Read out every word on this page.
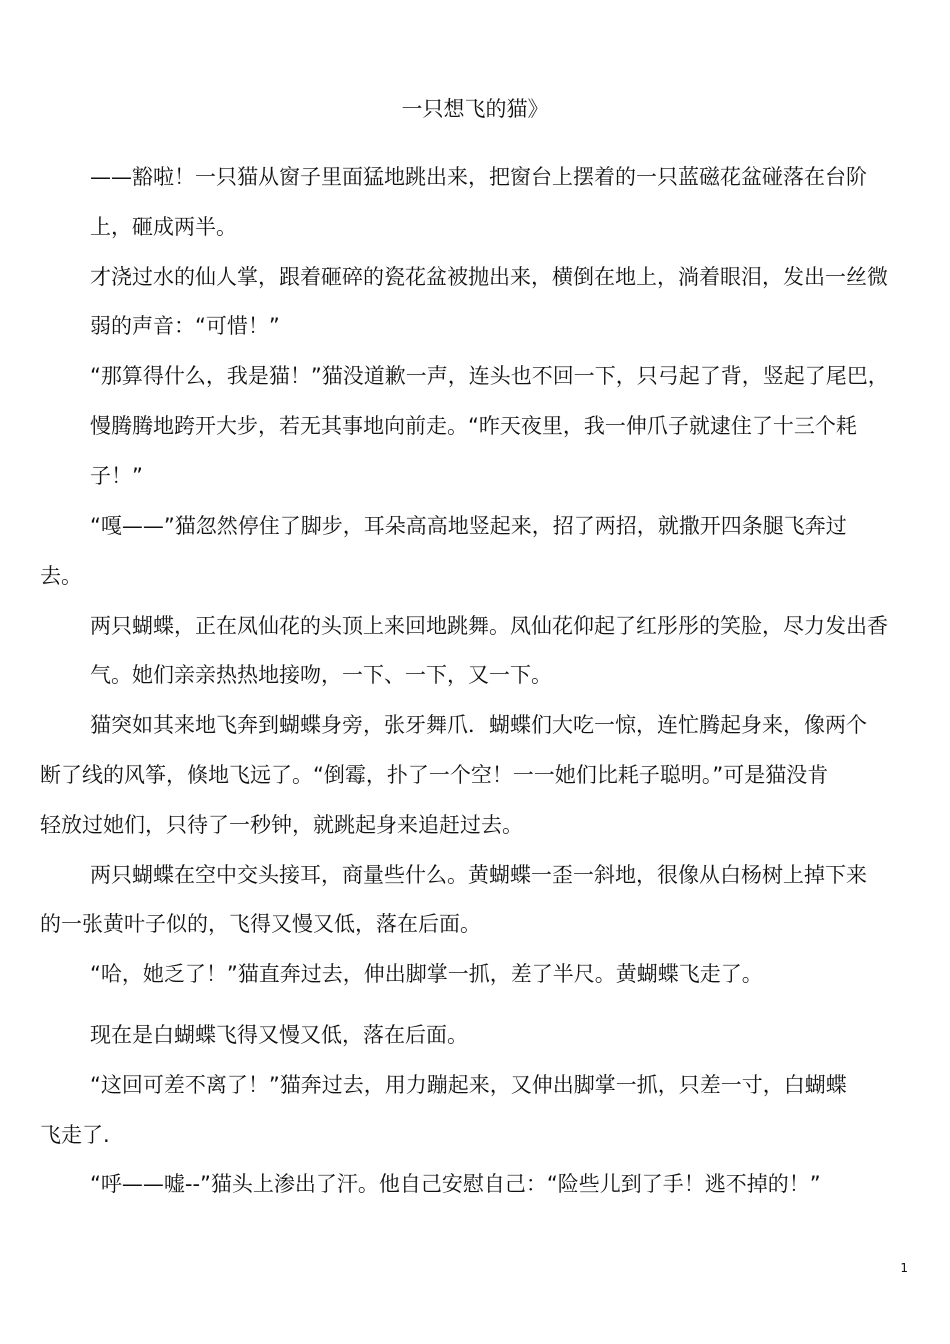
一只想飞的猫》
——豁啦！一只猫从窗子里面猛地跳出来，把窗台上摆着的一只蓝磁花盆碰落在台阶
上，砸成两半。
才浇过水的仙人掌，跟着砸碎的瓷花盆被抛出来，横倒在地上，淌着眼泪，发出一丝微
弱的声音：“可惜！”
“那算得什么，我是猫！”猫没道歉一声，连头也不回一下，只弓起了背，竖起了尾巴，
慢腾腾地跨开大步，若无其事地向前走。“昨天夜里，我一伸爪子就逮住了十三个耗
子！”
“嘎——”猫忽然停住了脚步，耳朵高高地竖起来，招了两招，就撒开四条腿飞奔过
去。
两只蝴蝶，正在凤仙花的头顶上来回地跳舞。凤仙花仰起了红彤彤的笑脸，尽力发出香
气。她们亲亲热热地接吻，一下、一下，又一下。
猫突如其来地飞奔到蝴蝶身旁，张牙舞爪．蝴蝶们大吃一惊，连忙腾起身来，像两个
断了线的风筝，倏地飞远了。“倒霉，扑了一个空！一一她们比耗子聪明。”可是猫没肯
轻放过她们，只待了一秒钟，就跳起身来追赶过去。
两只蝴蝶在空中交头接耳，商量些什么。黄蝴蝶一歪一斜地，很像从白杨树上掉下来
的一张黄叶子似的，飞得又慢又低，落在后面。
“哈，她乏了！”猫直奔过去，伸出脚掌一抓，差了半尺。黄蝴蝶飞走了。
现在是白蝴蝶飞得又慢又低，落在后面。
“这回可差不离了！”猫奔过去，用力蹦起来，又伸出脚掌一抓，只差一寸，白蝴蝶
飞走了.
“呼——嘘--”猫头上渗出了汗。他自己安慰自己：“险些儿到了手！逃不掉的！”
1
